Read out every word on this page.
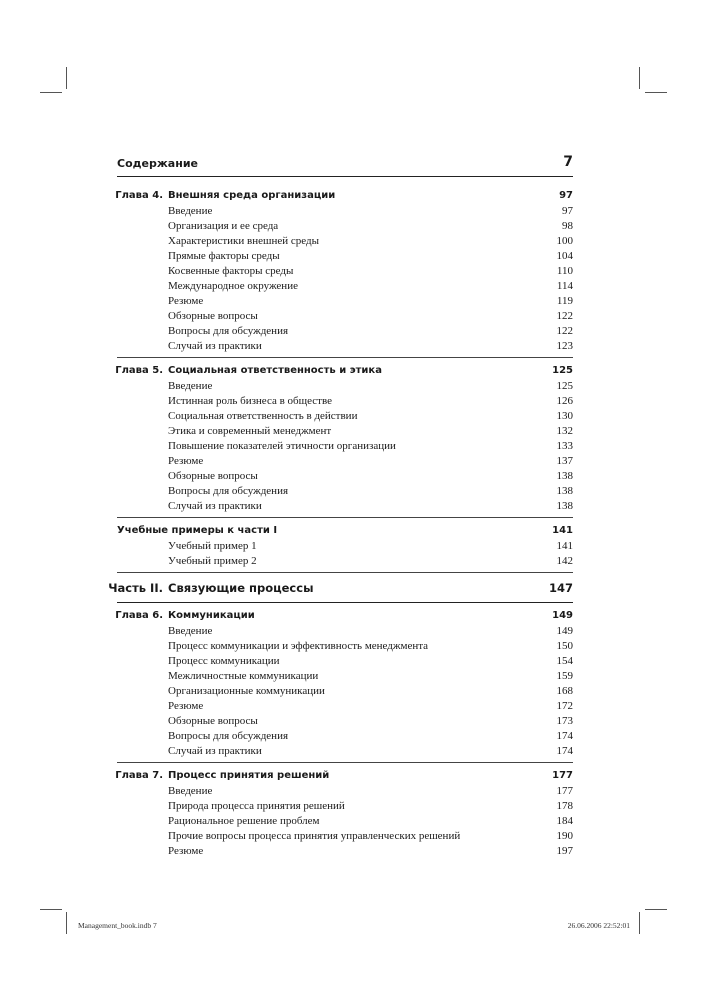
Содержание	7
Глава 4. Внешняя среда организации	97
Введение	97
Организация и ее среда	98
Характеристики внешней среды	100
Прямые факторы среды	104
Косвенные факторы среды	110
Международное окружение	114
Резюме	119
Обзорные вопросы	122
Вопросы для обсуждения	122
Случай из практики	123
Глава 5. Социальная ответственность и этика	125
Введение	125
Истинная роль бизнеса в обществе	126
Социальная ответственность в действии	130
Этика и современный менеджмент	132
Повышение показателей этичности организации	133
Резюме	137
Обзорные вопросы	138
Вопросы для обсуждения	138
Случай из практики	138
Учебные примеры к части I	141
Учебный пример 1	141
Учебный пример 2	142
Часть II. Связующие процессы	147
Глава 6. Коммуникации	149
Введение	149
Процесс коммуникации и эффективность менеджмента	150
Процесс коммуникации	154
Межличностные коммуникации	159
Организационные коммуникации	168
Резюме	172
Обзорные вопросы	173
Вопросы для обсуждения	174
Случай из практики	174
Глава 7. Процесс принятия решений	177
Введение	177
Природа процесса принятия решений	178
Рациональное решение проблем	184
Прочие вопросы процесса принятия управленческих решений	190
Резюме	197
Management_book.indb 7	26.06.2006 22:52:01
